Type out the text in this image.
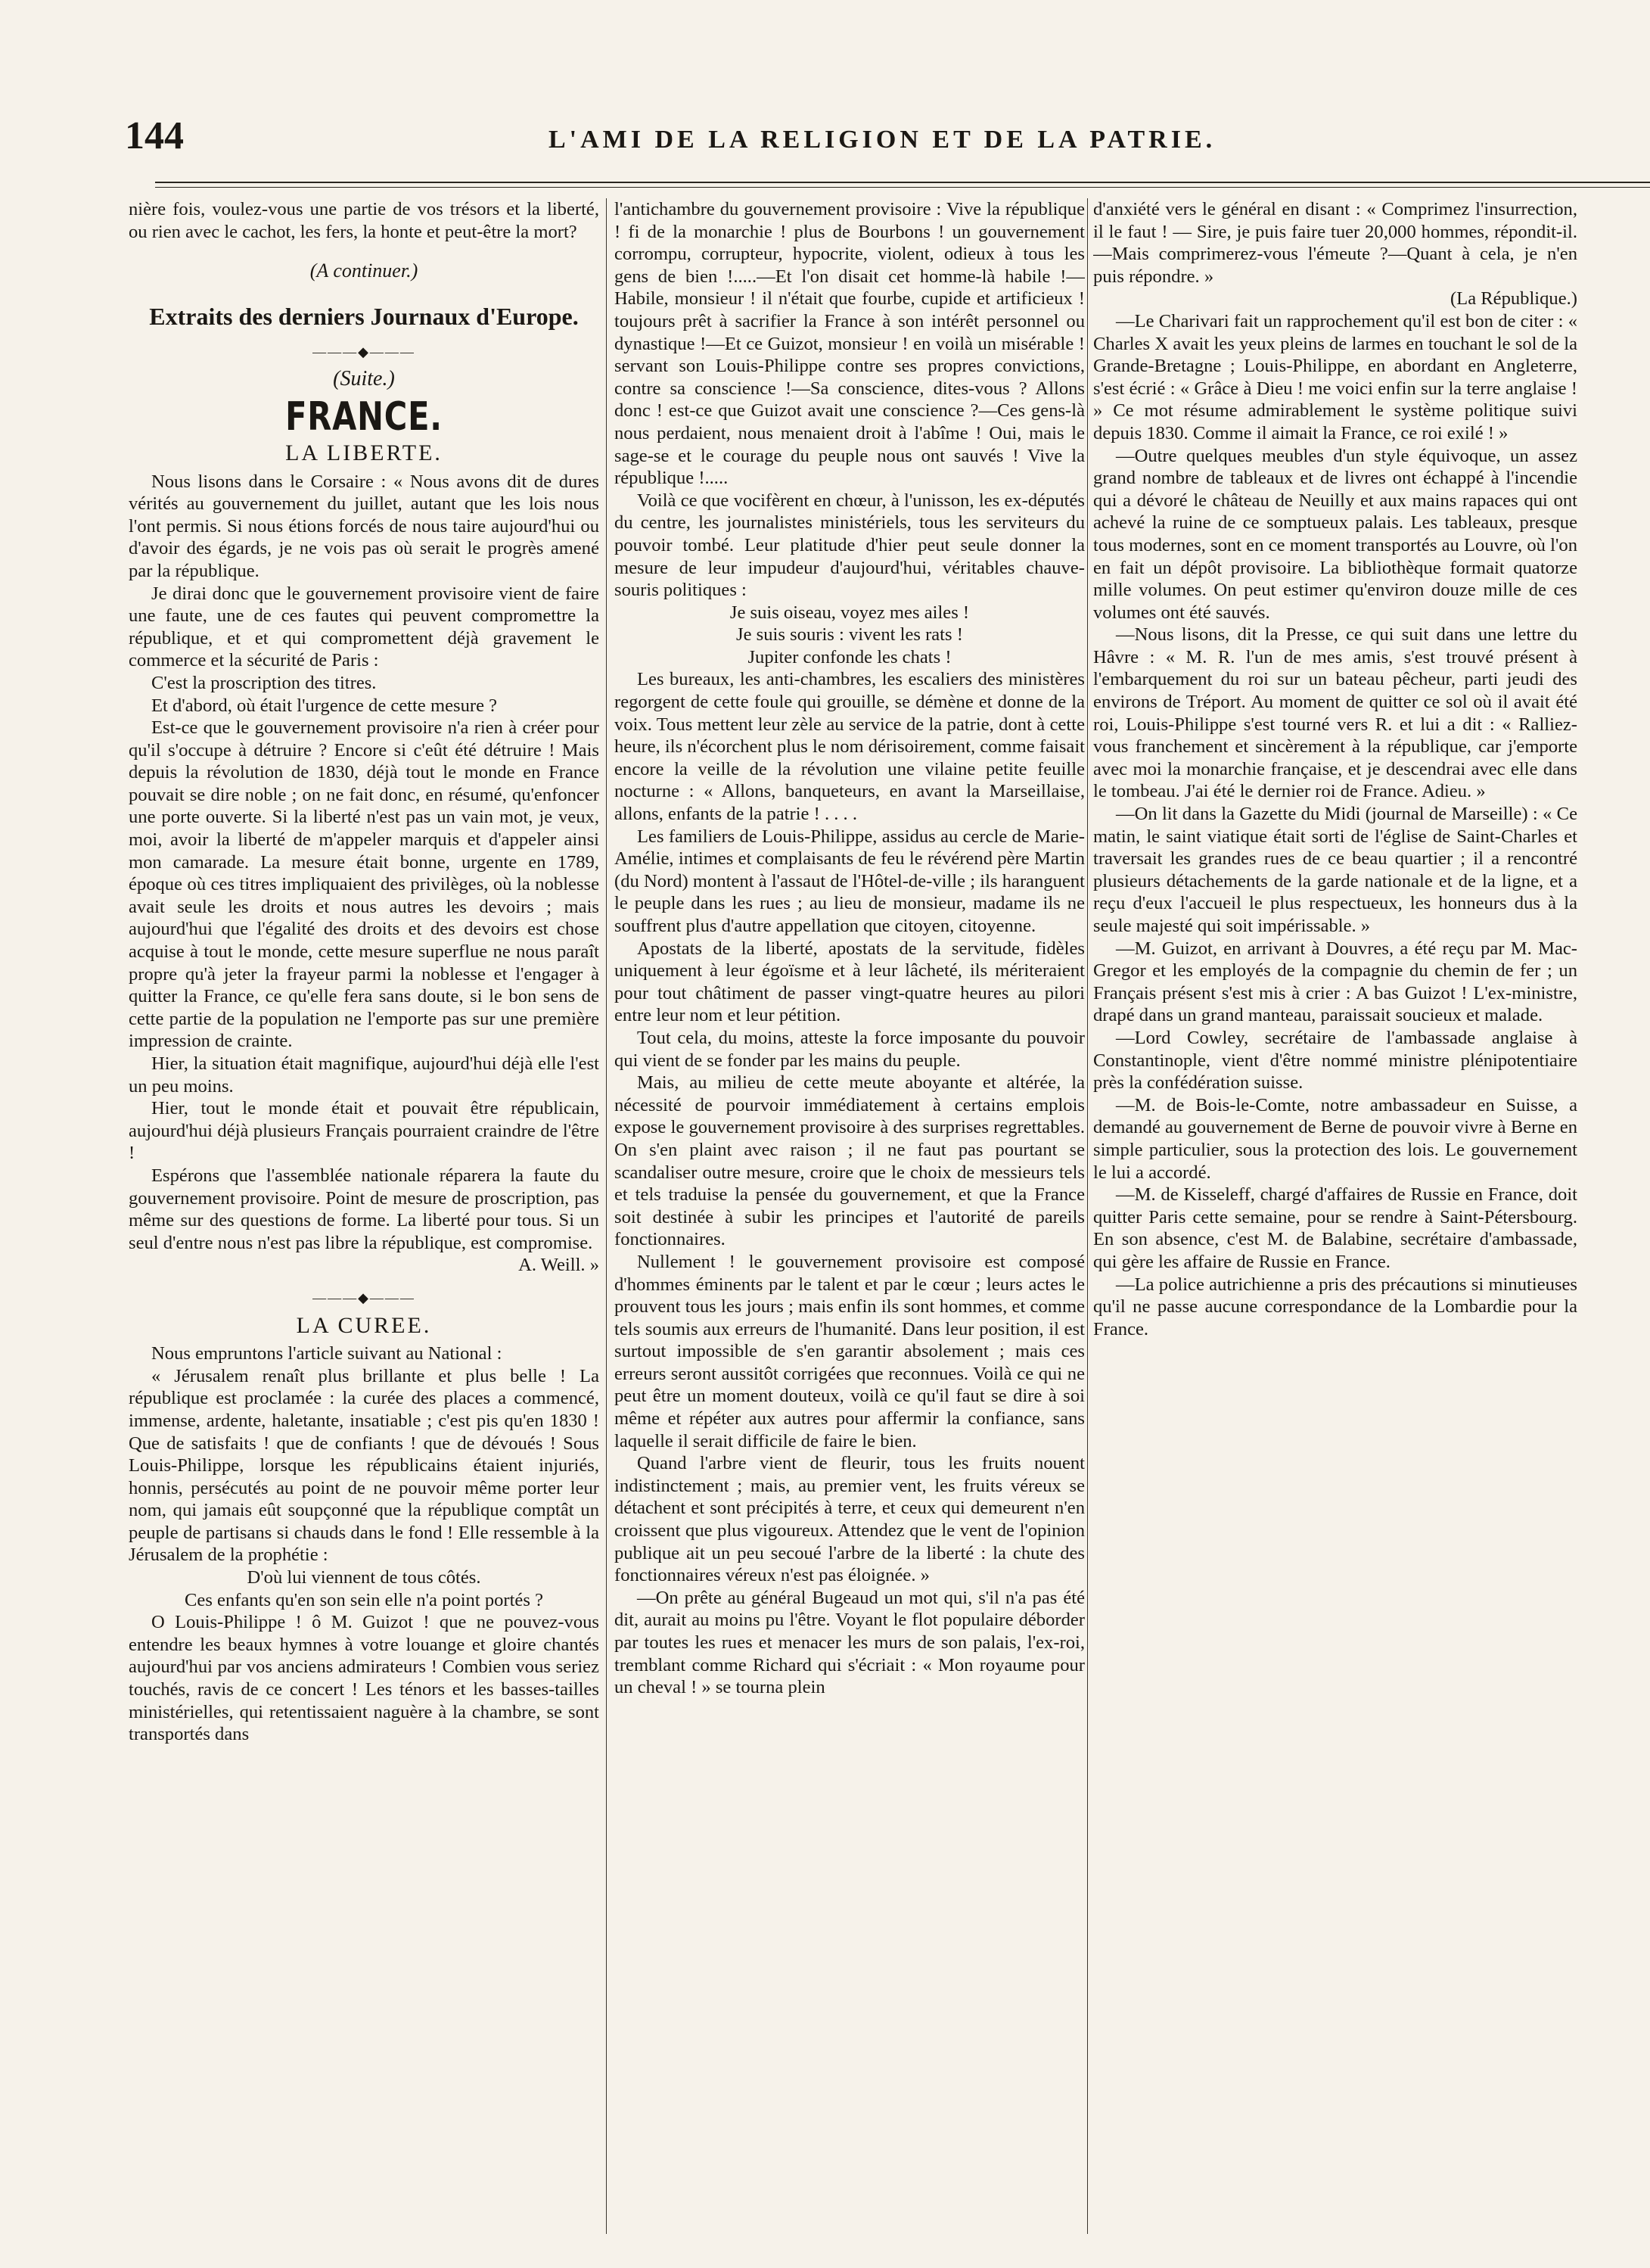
144	L'AMI DE LA RELIGION ET DE LA PATRIE.

nière fois, voulez-vous une partie de vos trésors et la liberté, ou rien avec le cachot, les fers, la honte et peut-être la mort?

(A continuer.)
Extraits des derniers Journaux d'Europe.
———◆———
(Suite.)
FRANCE.
LA LIBERTE.

Nous lisons dans le Corsaire : « Nous avons dit de dures vérités au gouvernement du juillet, autant que les lois nous l'ont permis. Si nous étions forcés de nous taire aujourd'hui ou d'avoir des égards, je ne vois pas où serait le progrès amené par la république.

Je dirai donc que le gouvernement provisoire vient de faire une faute, une de ces fautes qui peuvent compromettre la république, et et qui compromettent déjà gravement le commerce et la sécurité de Paris :

C'est la proscription des titres.

Et d'abord, où était l'urgence de cette mesure ?

Est-ce que le gouvernement provisoire n'a rien à créer pour qu'il s'occupe à détruire ? Encore si c'eût été détruire ! Mais depuis la révolution de 1830, déjà tout le monde en France pouvait se dire noble ; on ne fait donc, en résumé, qu'enfoncer une porte ouverte. Si la liberté n'est pas un vain mot, je veux, moi, avoir la liberté de m'appeler marquis et d'appeler ainsi mon camarade. La mesure était bonne, urgente en 1789, époque où ces titres impliquaient des privilèges, où la noblesse avait seule les droits et nous autres les devoirs ; mais aujourd'hui que l'égalité des droits et des devoirs est chose acquise à tout le monde, cette mesure superflue ne nous paraît propre qu'à jeter la frayeur parmi la noblesse et l'engager à quitter la France, ce qu'elle fera sans doute, si le bon sens de cette partie de la population ne l'emporte pas sur une première impression de crainte.

Hier, la situation était magnifique, aujourd'hui déjà elle l'est un peu moins.

Hier, tout le monde était et pouvait être républicain, aujourd'hui déjà plusieurs Français pourraient craindre de l'être !

Espérons que l'assemblée nationale réparera la faute du gouvernement provisoire. Point de mesure de proscription, pas même sur des questions de forme. La liberté pour tous. Si un seul d'entre nous n'est pas libre la république, est compromise.

A. Weill. »

———◆———
LA CUREE.

Nous empruntons l'article suivant au National :

« Jérusalem renaît plus brillante et plus belle ! La république est proclamée : la curée des places a commencé, immense, ardente, haletante, insatiable ; c'est pis qu'en 1830 ! Que de satisfaits ! que de confiants ! que de dévoués ! Sous Louis-Philippe, lorsque les républicains étaient injuriés, honnis, persécutés au point de ne pouvoir même porter leur nom, qui jamais eût soupçonné que la république comptât un peuple de partisans si chauds dans le fond ! Elle ressemble à la Jérusalem de la prophétie :

D'où lui viennent de tous côtés.

Ces enfants qu'en son sein elle n'a point portés ?

O Louis-Philippe ! ô M. Guizot ! que ne pouvez-vous entendre les beaux hymnes à votre louange et gloire chantés aujourd'hui par vos anciens admirateurs ! Combien vous seriez touchés, ravis de ce concert ! Les ténors et les basses-tailles ministérielles, qui retentissaient naguère à la chambre, se sont transportés dans

l'antichambre du gouvernement provisoire : Vive la république ! fi de la monarchie ! plus de Bourbons ! un gouvernement corrompu, corrupteur, hypocrite, violent, odieux à tous les gens de bien !.....—Et l'on disait cet homme-là habile !—Habile, monsieur ! il n'était que fourbe, cupide et artificieux ! toujours prêt à sacrifier la France à son intérêt personnel ou dynastique !—Et ce Guizot, monsieur ! en voilà un misérable ! servant son Louis-Philippe contre ses propres convictions, contre sa conscience !—Sa conscience, dites-vous ? Allons donc ! est-ce que Guizot avait une conscience ?—Ces gens-là nous perdaient, nous menaient droit à l'abîme ! Oui, mais le sage-se et le courage du peuple nous ont sauvés ! Vive la république !.....

Voilà ce que vocifèrent en chœur, à l'unisson, les ex-députés du centre, les journalistes ministériels, tous les serviteurs du pouvoir tombé. Leur platitude d'hier peut seule donner la mesure de leur impudeur d'aujourd'hui, véritables chauve-souris politiques :

Je suis oiseau, voyez mes ailes !

Je suis souris : vivent les rats !

Jupiter confonde les chats !

Les bureaux, les anti-chambres, les escaliers des ministères regorgent de cette foule qui grouille, se démène et donne de la voix. Tous mettent leur zèle au service de la patrie, dont à cette heure, ils n'écorchent plus le nom dérisoirement, comme faisait encore la veille de la révolution une vilaine petite feuille nocturne : « Allons, banqueteurs, en avant la Marseillaise, allons, enfants de la patrie ! . . . .

Les familiers de Louis-Philippe, assidus au cercle de Marie-Amélie, intimes et complaisants de feu le révérend père Martin (du Nord) montent à l'assaut de l'Hôtel-de-ville ; ils haranguent le peuple dans les rues ; au lieu de monsieur, madame ils ne souffrent plus d'autre appellation que citoyen, citoyenne.

Apostats de la liberté, apostats de la servitude, fidèles uniquement à leur égoïsme et à leur lâcheté, ils mériteraient pour tout châtiment de passer vingt-quatre heures au pilori entre leur nom et leur pétition.

Tout cela, du moins, atteste la force imposante du pouvoir qui vient de se fonder par les mains du peuple.

Mais, au milieu de cette meute aboyante et altérée, la nécessité de pourvoir immédiatement à certains emplois expose le gouvernement provisoire à des surprises regrettables. On s'en plaint avec raison ; il ne faut pas pourtant se scandaliser outre mesure, croire que le choix de messieurs tels et tels traduise la pensée du gouvernement, et que la France soit destinée à subir les principes et l'autorité de pareils fonctionnaires.

Nullement ! le gouvernement provisoire est composé d'hommes éminents par le talent et par le cœur ; leurs actes le prouvent tous les jours ; mais enfin ils sont hommes, et comme tels soumis aux erreurs de l'humanité. Dans leur position, il est surtout impossible de s'en garantir absolement ; mais ces erreurs seront aussitôt corrigées que reconnues. Voilà ce qui ne peut être un moment douteux, voilà ce qu'il faut se dire à soi même et répéter aux autres pour affermir la confiance, sans laquelle il serait difficile de faire le bien.

Quand l'arbre vient de fleurir, tous les fruits nouent indistinctement ; mais, au premier vent, les fruits véreux se détachent et sont précipités à terre, et ceux qui demeurent n'en croissent que plus vigoureux. Attendez que le vent de l'opinion publique ait un peu secoué l'arbre de la liberté : la chute des fonctionnaires véreux n'est pas éloignée. »

—On prête au général Bugeaud un mot qui, s'il n'a pas été dit, aurait au moins pu l'être. Voyant le flot populaire déborder par toutes les rues et menacer les murs de son palais, l'ex-roi, tremblant comme Richard qui s'écriait : « Mon royaume pour un cheval ! » se tourna plein

d'anxiété vers le général en disant : « Comprimez l'insurrection, il le faut ! — Sire, je puis faire tuer 20,000 hommes, répondit-il.—Mais comprimerez-vous l'émeute ?—Quant à cela, je n'en puis répondre. »

(La République.)

—Le Charivari fait un rapprochement qu'il est bon de citer : « Charles X avait les yeux pleins de larmes en touchant le sol de la Grande-Bretagne ; Louis-Philippe, en abordant en Angleterre, s'est écrié : « Grâce à Dieu ! me voici enfin sur la terre anglaise ! » Ce mot résume admirablement le système politique suivi depuis 1830. Comme il aimait la France, ce roi exilé ! »

—Outre quelques meubles d'un style équivoque, un assez grand nombre de tableaux et de livres ont échappé à l'incendie qui a dévoré le château de Neuilly et aux mains rapaces qui ont achevé la ruine de ce somptueux palais. Les tableaux, presque tous modernes, sont en ce moment transportés au Louvre, où l'on en fait un dépôt provisoire. La bibliothèque formait quatorze mille volumes. On peut estimer qu'environ douze mille de ces volumes ont été sauvés.

—Nous lisons, dit la Presse, ce qui suit dans une lettre du Hâvre : « M. R. l'un de mes amis, s'est trouvé présent à l'embarquement du roi sur un bateau pêcheur, parti jeudi des environs de Tréport. Au moment de quitter ce sol où il avait été roi, Louis-Philippe s'est tourné vers R. et lui a dit : « Ralliez-vous franchement et sincèrement à la république, car j'emporte avec moi la monarchie française, et je descendrai avec elle dans le tombeau. J'ai été le dernier roi de France. Adieu. »

—On lit dans la Gazette du Midi (journal de Marseille) : « Ce matin, le saint viatique était sorti de l'église de Saint-Charles et traversait les grandes rues de ce beau quartier ; il a rencontré plusieurs détachements de la garde nationale et de la ligne, et a reçu d'eux l'accueil le plus respectueux, les honneurs dus à la seule majesté qui soit impérissable. »

—M. Guizot, en arrivant à Douvres, a été reçu par M. Mac-Gregor et les employés de la compagnie du chemin de fer ; un Français présent s'est mis à crier : A bas Guizot ! L'ex-ministre, drapé dans un grand manteau, paraissait soucieux et malade.

—Lord Cowley, secrétaire de l'ambassade anglaise à Constantinople, vient d'être nommé ministre plénipotentiaire près la confédération suisse.

—M. de Bois-le-Comte, notre ambassadeur en Suisse, a demandé au gouvernement de Berne de pouvoir vivre à Berne en simple particulier, sous la protection des lois. Le gouvernement le lui a accordé.

—M. de Kisseleff, chargé d'affaires de Russie en France, doit quitter Paris cette semaine, pour se rendre à Saint-Pétersbourg. En son absence, c'est M. de Balabine, secrétaire d'ambassade, qui gère les affaire de Russie en France.

—La police autrichienne a pris des précautions si minutieuses qu'il ne passe aucune correspondance de la Lombardie pour la France.
